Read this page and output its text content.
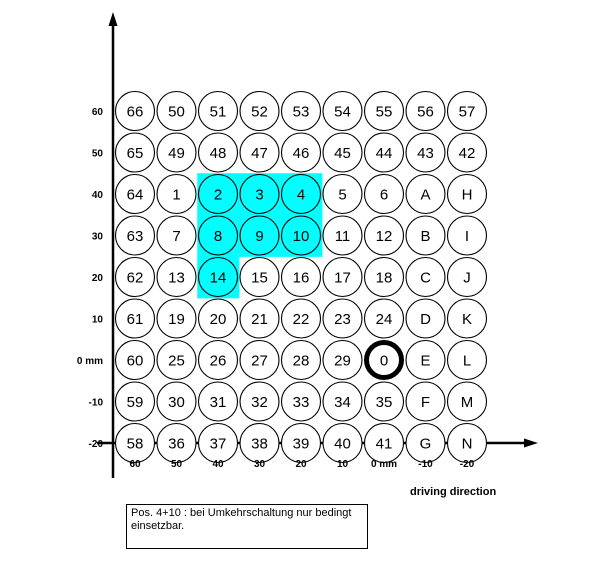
66 50 51 52 53 54 55 56 57
65 49 48 47 46 45 44 43 42
64 1 2 3 4 5 6 A H
63 7 8 9 10 11 12 B I
62 13 14 15 16 17 18 C J
61 19 20 21 22 23 24 D K
60 25 26 27 28 29 0 E L
59 30 31 32 33 34 35 F M
58 36 37 38 39 40 41 G N
60
50
40
30
20
10
0 mm
-10
-20
60	50	40	30	20	10 0 mm -10	-20
driving direction
Pos. 4+10 : bei Umkehrschaltung nur bedingt
einsetzbar.
